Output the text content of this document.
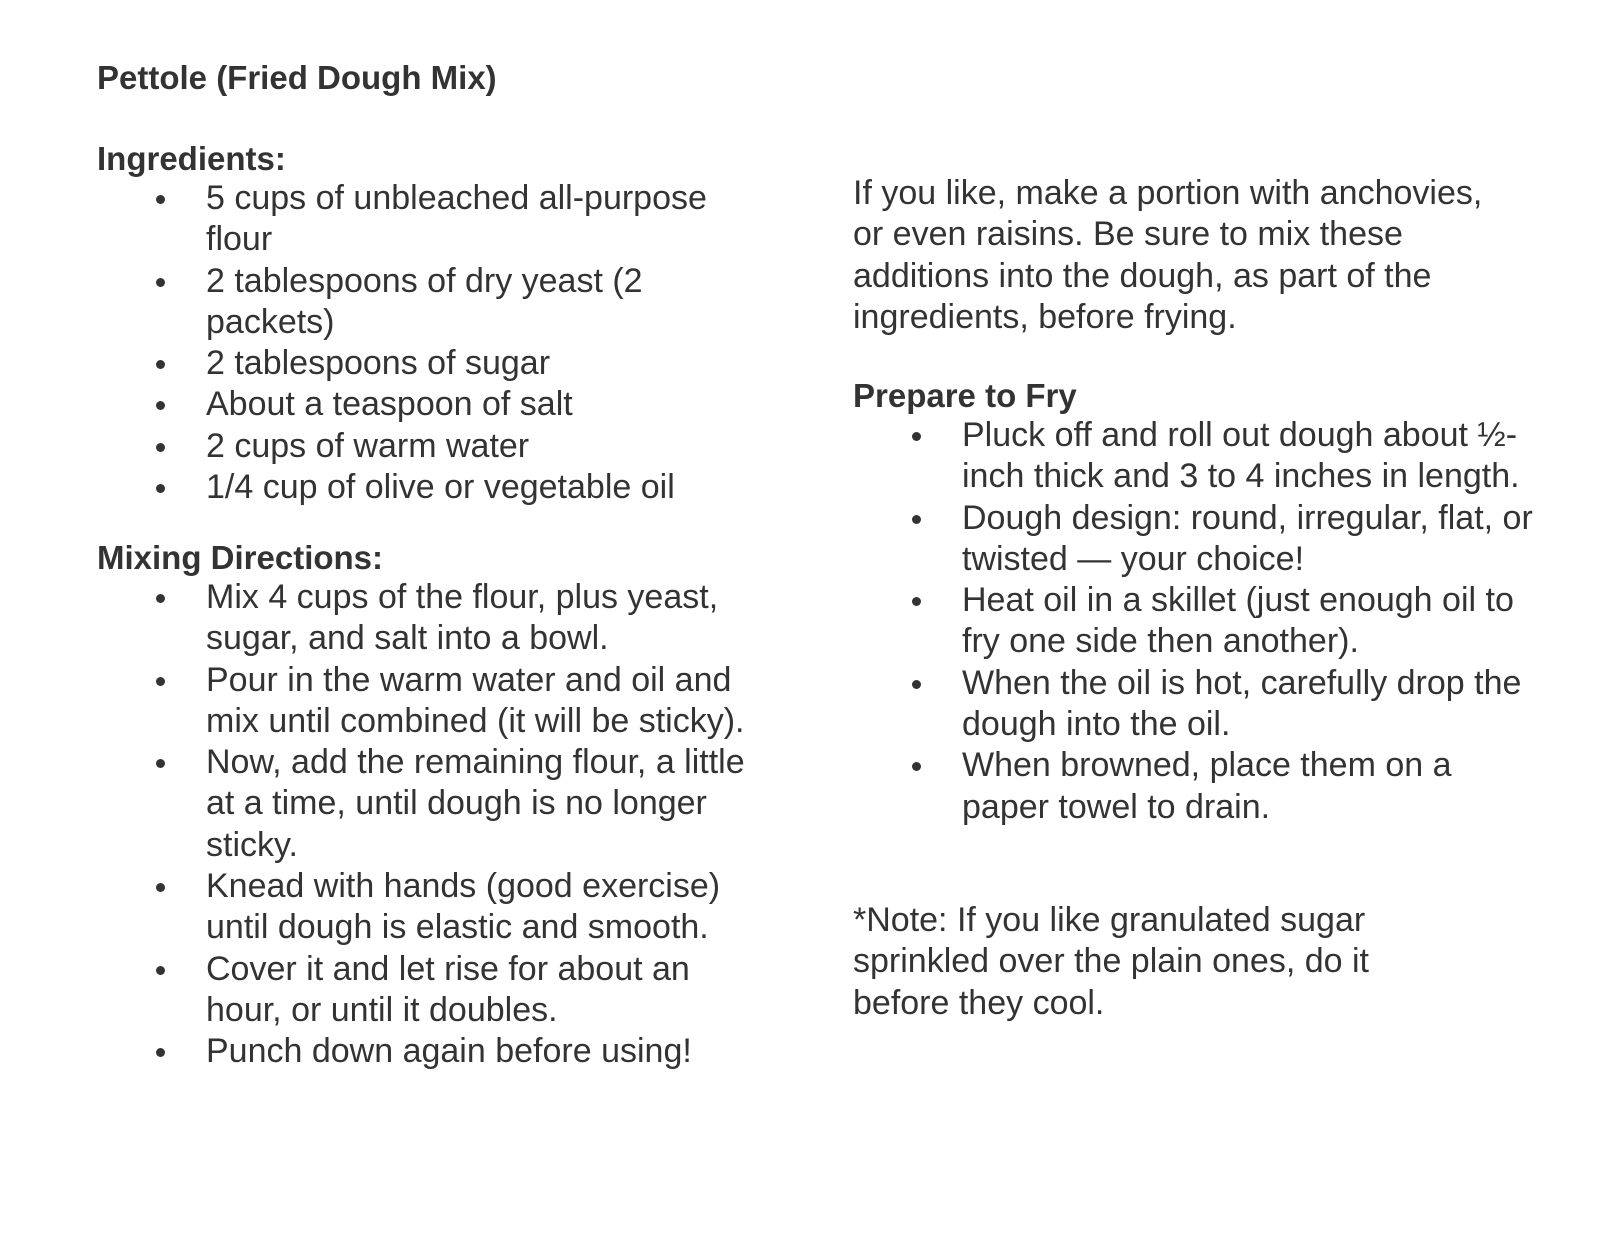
Pettole (Fried Dough Mix)
Ingredients:
5 cups of unbleached all-purpose flour
2 tablespoons of dry yeast (2 packets)
2 tablespoons of sugar
About a teaspoon of salt
2 cups of warm water
1/4 cup of olive or vegetable oil
Mixing Directions:
Mix 4 cups of the flour, plus yeast, sugar, and salt into a bowl.
Pour in the warm water and oil and mix until combined (it will be sticky).
Now, add the remaining flour, a little at a time, until dough is no longer sticky.
Knead with hands (good exercise) until dough is elastic and smooth.
Cover it and let rise for about an hour, or until it doubles.
Punch down again before using!

If you like, make a portion with anchovies, or even raisins. Be sure to mix these additions into the dough, as part of the ingredients, before frying.

Prepare to Fry
Pluck off and roll out dough about ½-inch thick and 3 to 4 inches in length.
Dough design: round, irregular, flat, or twisted — your choice!
Heat oil in a skillet (just enough oil to fry one side then another).
When the oil is hot, carefully drop the dough into the oil.
When browned, place them on a paper towel to drain.

*Note: If you like granulated sugar sprinkled over the plain ones, do it before they cool.
